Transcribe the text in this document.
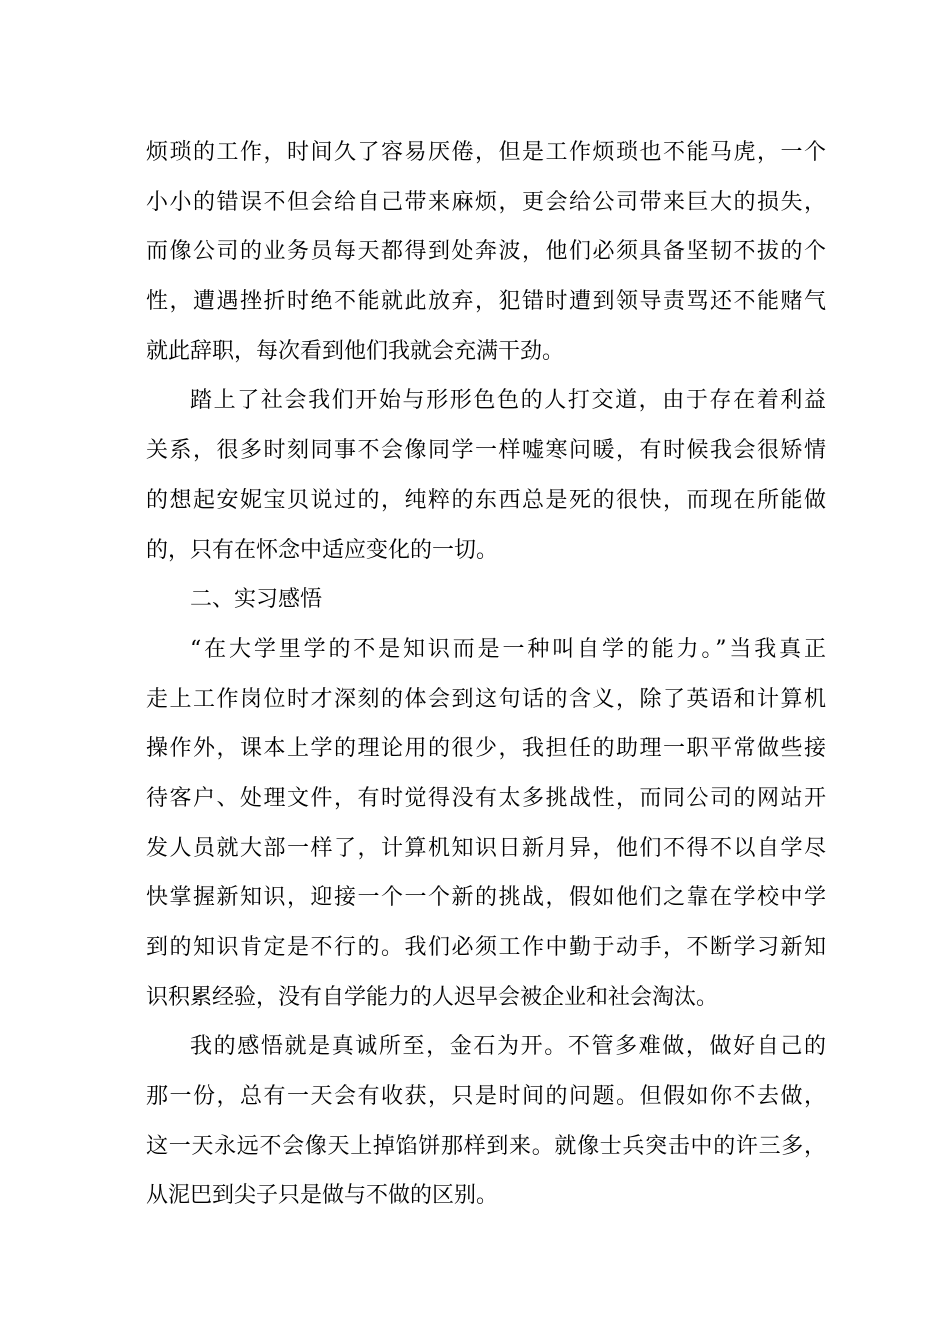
烦琐的工作，时间久了容易厌倦，但是工作烦琐也不能马虎，一个
小小的错误不但会给自己带来麻烦，更会给公司带来巨大的损失，
而像公司的业务员每天都得到处奔波，他们必须具备坚韧不拔的个
性，遭遇挫折时绝不能就此放弃，犯错时遭到领导责骂还不能赌气
就此辞职，每次看到他们我就会充满干劲。
踏上了社会我们开始与形形色色的人打交道，由于存在着利益
关系，很多时刻同事不会像同学一样嘘寒问暖，有时候我会很矫情
的想起安妮宝贝说过的，纯粹的东西总是死的很快，而现在所能做
的，只有在怀念中适应变化的一切。
二、实习感悟
“在大学里学的不是知识而是一种叫自学的能力。”当我真正
走上工作岗位时才深刻的体会到这句话的含义，除了英语和计算机
操作外，课本上学的理论用的很少，我担任的助理一职平常做些接
待客户、处理文件，有时觉得没有太多挑战性，而同公司的网站开
发人员就大部一样了，计算机知识日新月异，他们不得不以自学尽
快掌握新知识，迎接一个一个新的挑战，假如他们之靠在学校中学
到的知识肯定是不行的。我们必须工作中勤于动手，不断学习新知
识积累经验，没有自学能力的人迟早会被企业和社会淘汰。
我的感悟就是真诚所至，金石为开。不管多难做，做好自己的
那一份，总有一天会有收获，只是时间的问题。但假如你不去做，
这一天永远不会像天上掉馅饼那样到来。就像士兵突击中的许三多，
从泥巴到尖子只是做与不做的区别。
